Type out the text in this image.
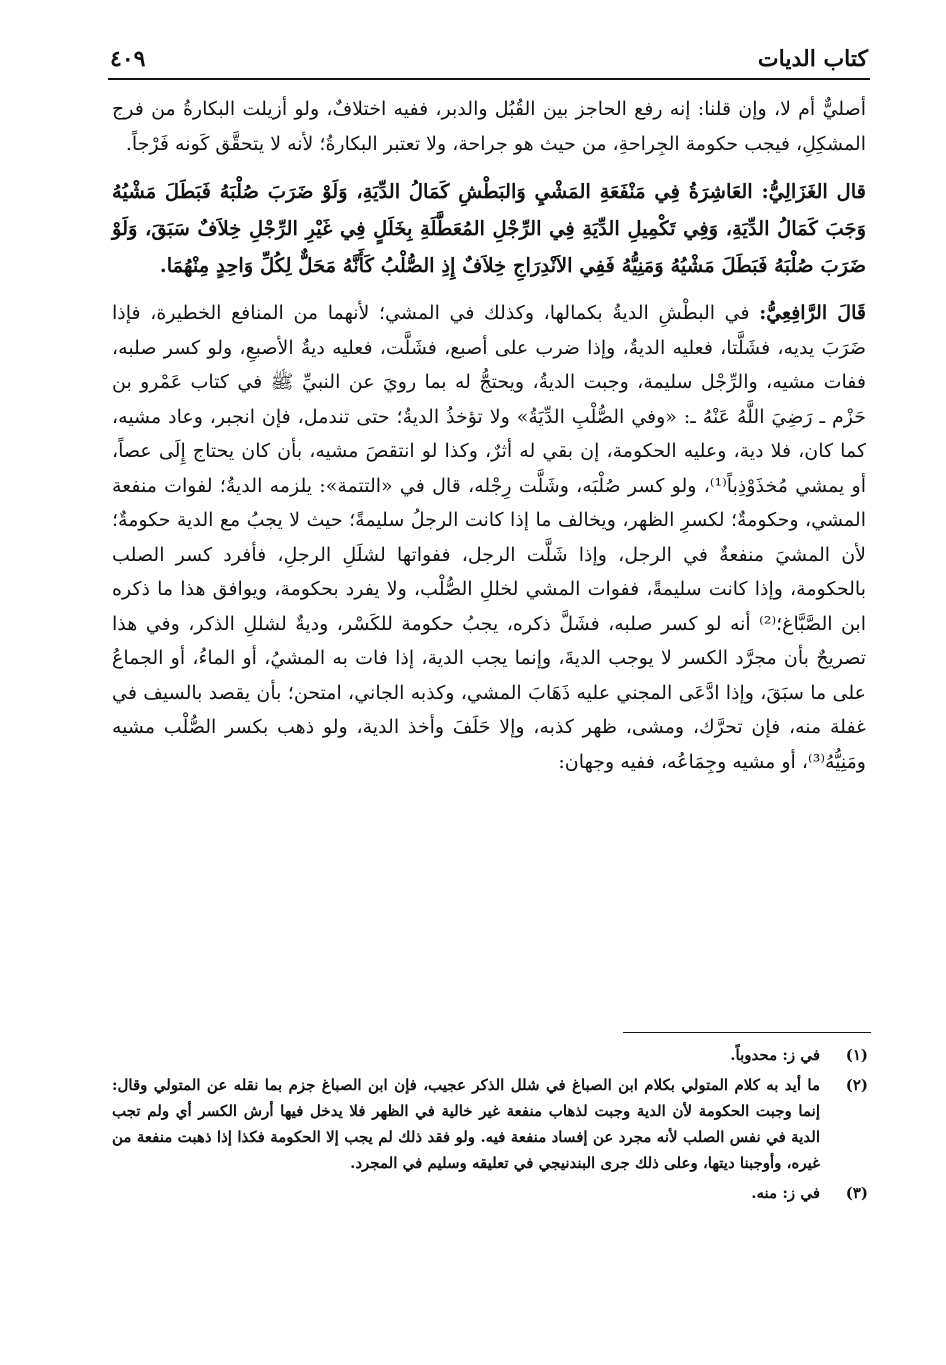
كتاب الديات
٤٠٩

أصليٌّ أم لا، وإن قلنا: إنه رفع الحاجز بين القُبُل والدبر، ففيه اختلافٌ، ولو أزيلت البكارةُ من فرج المشكِلِ، فيجب حكومة الجِراحةِ، من حيث هو جراحة، ولا تعتبر البكارةُ؛ لأنه لا يتحقَّق كَونه فَرْجاً.

قال الغَزَالِيُّ: العَاشِرَةُ فِي مَنْفَعَةِ المَشْيِ وَالبَطْشِ كَمَالُ الدِّيَةِ، وَلَوْ ضَرَبَ صُلْبَهُ فَبَطَلَ مَشْيُهُ وَجَبَ كَمَالُ الدِّيَةِ، وَفِي تَكْمِيلِ الدِّيَةِ فِي الرِّجْلِ المُعَطَّلَةِ بِخَلَلٍ فِي غَيْرِ الرِّجْلِ خِلاَفٌ سَبَقَ، وَلَوْ ضَرَبَ صُلْبَهُ فَبَطَلَ مَشْيُهُ وَمَنِيُّهُ فَفِي الاَنْدِرَاجِ خِلاَفٌ إِذِ الصُّلْبُ كَأَنَّهُ مَحَلٌّ لِكُلِّ وَاحِدٍ مِنْهُمَا.

قَالَ الرَّافِعِيُّ: في البطْشِ الديةُ بكمالها، وكذلك في المشي؛ لأنهما من المنافع الخطيرة، فإذا ضَرَبَ يديه، فشَلَّتا، فعليه الديةُ، وإذا ضرب على أصبع، فشَلَّت، فعليه ديةُ الأصبعِ، ولو كسر صلبه، ففات مشيه، والرِّجْل سليمة، وجبت الديةُ، ويحتجُّ له بما رويَ عن النبيِّ ﷺ في كتاب عَمْرو بن حَزْم ـ رَضِيَ اللَّهُ عَنْهُ ـ: «وفي الصُّلْبِ الدِّيَةُ» ولا تؤخذُ الديةُ؛ حتى تندمل، فإن انجبر، وعاد مشيه، كما كان، فلا دية، وعليه الحكومة، إن بقي له أثرٌ، وكذا لو انتقصَ مشيه، بأن كان يحتاج إِلَى عصاً، أو يمشي مُخذَوْذِباً⁽¹⁾، ولو كسر صُلْبَه، وشَلَّت رِجْله، قال في «التتمة»: يلزمه الديةُ؛ لفوات منفعة المشي، وحكومةٌ؛ لكسرِ الظهر، ويخالف ما إذا كانت الرجلُ سليمةً؛ حيث لا يجبُ مع الدية حكومةٌ؛ لأن المشيَ منفعةٌ في الرجل، وإذا شَلَّت الرجل، ففواتها لشلَلِ الرجلِ، فأفرد كسر الصلب بالحكومة، وإذا كانت سليمةً، ففوات المشي لخللِ الصُّلْب، ولا يفرد بحكومة، ويوافق هذا ما ذكره ابن الصَّبَّاغ؛⁽²⁾ أنه لو كسر صلبه، فشَلَّ ذكره، يجبُ حكومة للكَسْر، وديةٌ لشللِ الذكر، وفي هذا تصريحٌ بأن مجرَّد الكسر لا يوجب الديةَ، وإنما يجب الدية، إذا فات به المشيُ، أو الماءُ، أو الجماعُ على ما سبَقَ، وإذا ادَّعَى المجني عليه ذَهَابَ المشي، وكذبه الجاني، امتحن؛ بأن يقصد بالسيف في غفلة منه، فإن تحرَّك، ومشى، ظهر كذبه، وإلا حَلَفَ وأخذ الدية، ولو ذهب بكسر الصُّلْب مشيه ومَنِيُّهُ⁽³⁾، أو مشيه وجِمَاعُه، ففيه وجهان:

(١)
في ز: محدوباً.
(٢)
ما أيد به كلام المتولي بكلام ابن الصباغ في شلل الذكر عجيب، فإن ابن الصباغ جزم بما نقله عن المتولي وقال: إنما وجبت الحكومة لأن الدية وجبت لذهاب منفعة غير خالية في الظهر فلا يدخل فيها أرش الكسر أي ولم تجب الدية في نفس الصلب لأنه مجرد عن إفساد منفعة فيه. ولو فقد ذلك لم يجب إلا الحكومة فكذا إذا ذهبت منفعة من غيره، وأوجبنا ديتها، وعلى ذلك جرى البندنيجي في تعليقه وسليم في المجرد.
(٣)
في ز: منه.
